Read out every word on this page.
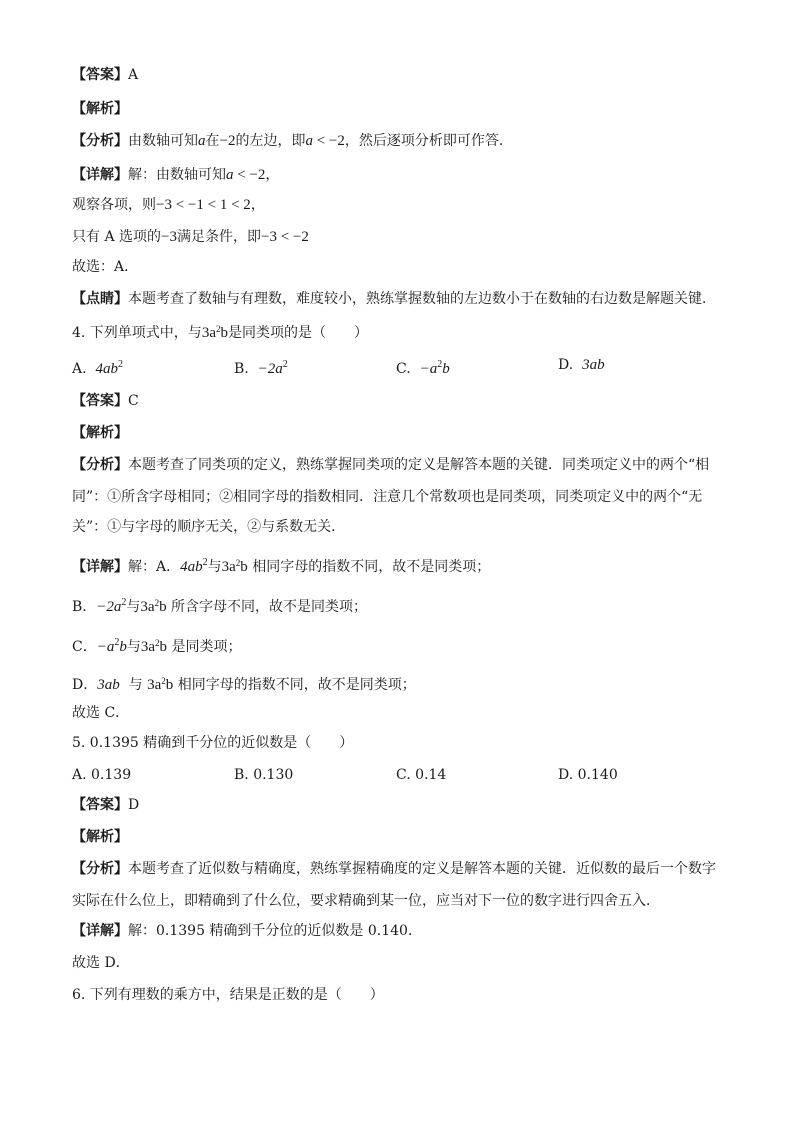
【答案】A
【解析】
【分析】由数轴可知a在−2的左边，即a < −2，然后逐项分析即可作答．
【详解】解：由数轴可知a < −2，
观察各项，则−3 < −1 < 1 < 2，
只有 A 选项的−3满足条件，即−3 < −2
故选：A．
【点睛】本题考查了数轴与有理数，难度较小，熟练掌握数轴的左边数小于在数轴的右边数是解题关键．
4. 下列单项式中，与$3a^2b$是同类项的是（　　）
A. $4ab^2$	B. $-2a^2$	C. $-a^2b$	D. 3ab
【答案】C
【解析】
【分析】本题考查了同类项的定义，熟练掌握同类项的定义是解答本题的关键．同类项定义中的两个“相
同”：①所含字母相同；②相同字母的指数相同．注意几个常数项也是同类项，同类项定义中的两个“无
关”：①与字母的顺序无关，②与系数无关．
【详解】解：A．$4ab^2$与$3a^2b$ 相同字母的指数不同，故不是同类项；
B．$-2a^2$与$3a^2b$ 所含字母不同，故不是同类项；
C．$-a^2b$与$3a^2b$ 是同类项；
D．3ab 与 $3a^2b$ 相同字母的指数不同，故不是同类项；
故选 C．
5. 0.1395 精确到千分位的近似数是（　　）
A. 0.139	B. 0.130	C. 0.14	D. 0.140
【答案】D
【解析】
【分析】本题考查了近似数与精确度，熟练掌握精确度的定义是解答本题的关键．近似数的最后一个数字
实际在什么位上，即精确到了什么位，要求精确到某一位，应当对下一位的数字进行四舍五入．
【详解】解：0.1395 精确到千分位的近似数是 0.140．
故选 D．
6. 下列有理数的乘方中，结果是正数的是（　　）
